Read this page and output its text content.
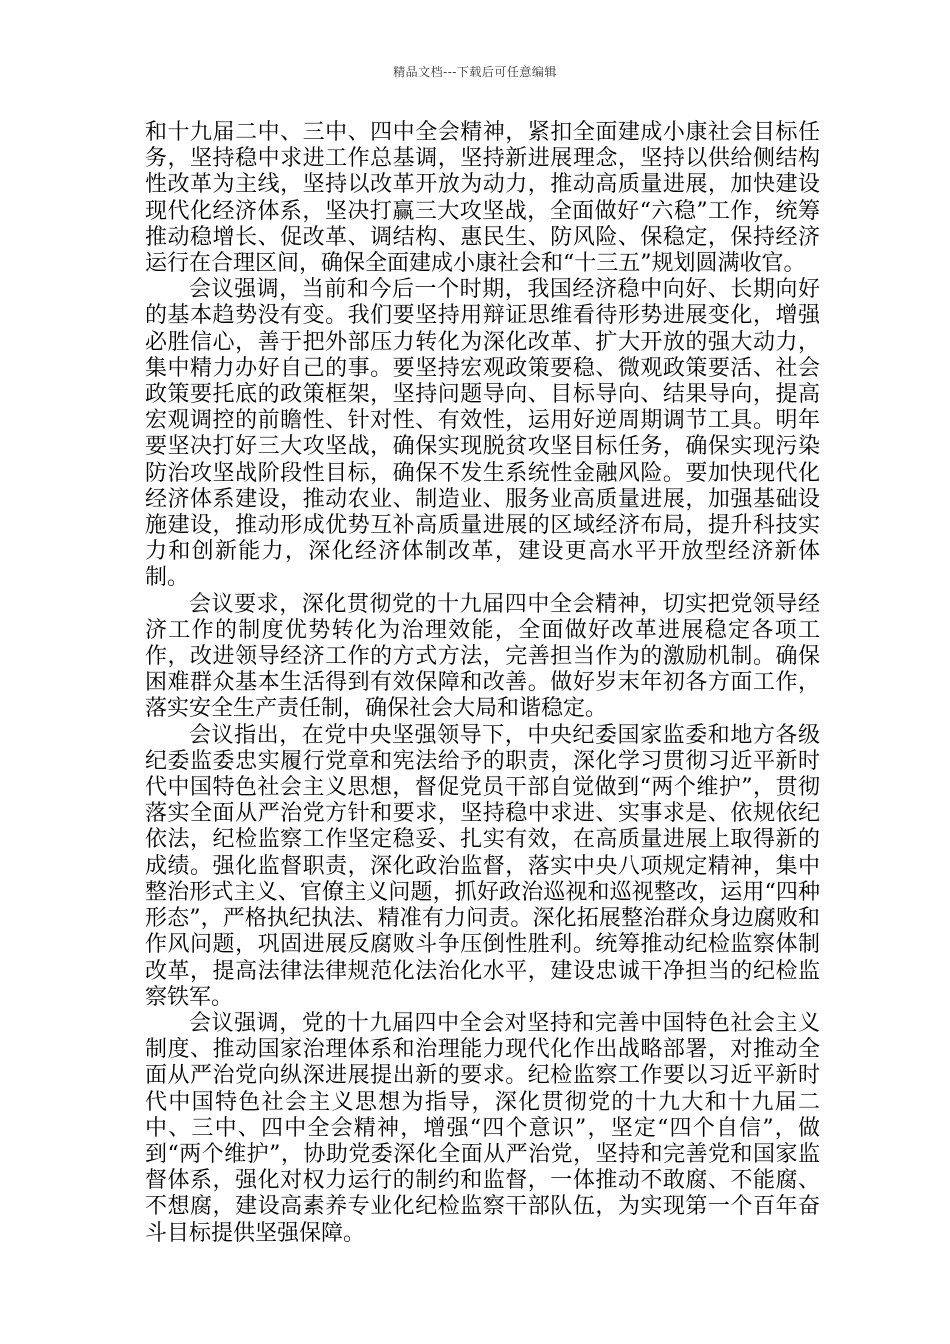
精品文档---下载后可任意编辑

和十九届二中、三中、四中全会精神，紧扣全面建成小康社会目标任务，坚持稳中求进工作总基调，坚持新进展理念，坚持以供给侧结构性改革为主线，坚持以改革开放为动力，推动高质量进展，加快建设现代化经济体系，坚决打赢三大攻坚战，全面做好“六稳”工作，统筹推动稳增长、促改革、调结构、惠民生、防风险、保稳定，保持经济运行在合理区间，确保全面建成小康社会和“十三五”规划圆满收官。

会议强调，当前和今后一个时期，我国经济稳中向好、长期向好的基本趋势没有变。我们要坚持用辩证思维看待形势进展变化，增强必胜信心，善于把外部压力转化为深化改革、扩大开放的强大动力，集中精力办好自己的事。要坚持宏观政策要稳、微观政策要活、社会政策要托底的政策框架，坚持问题导向、目标导向、结果导向，提高宏观调控的前瞻性、针对性、有效性，运用好逆周期调节工具。明年要坚决打好三大攻坚战，确保实现脱贫攻坚目标任务，确保实现污染防治攻坚战阶段性目标，确保不发生系统性金融风险。要加快现代化经济体系建设，推动农业、制造业、服务业高质量进展，加强基础设施建设，推动形成优势互补高质量进展的区域经济布局，提升科技实力和创新能力，深化经济体制改革，建设更高水平开放型经济新体制。

会议要求，深化贯彻党的十九届四中全会精神，切实把党领导经济工作的制度优势转化为治理效能，全面做好改革进展稳定各项工作，改进领导经济工作的方式方法，完善担当作为的激励机制。确保困难群众基本生活得到有效保障和改善。做好岁末年初各方面工作，落实安全生产责任制，确保社会大局和谐稳定。

会议指出，在党中央坚强领导下，中央纪委国家监委和地方各级纪委监委忠实履行党章和宪法给予的职责，深化学习贯彻习近平新时代中国特色社会主义思想，督促党员干部自觉做到“两个维护”，贯彻落实全面从严治党方针和要求，坚持稳中求进、实事求是、依规依纪依法，纪检监察工作坚定稳妥、扎实有效，在高质量进展上取得新的成绩。强化监督职责，深化政治监督，落实中央八项规定精神，集中整治形式主义、官僚主义问题，抓好政治巡视和巡视整改，运用“四种形态”，严格执纪执法、精准有力问责。深化拓展整治群众身边腐败和作风问题，巩固进展反腐败斗争压倒性胜利。统筹推动纪检监察体制改革，提高法律法律规范化法治化水平，建设忠诚干净担当的纪检监察铁军。

会议强调，党的十九届四中全会对坚持和完善中国特色社会主义制度、推动国家治理体系和治理能力现代化作出战略部署，对推动全面从严治党向纵深进展提出新的要求。纪检监察工作要以习近平新时代中国特色社会主义思想为指导，深化贯彻党的十九大和十九届二中、三中、四中全会精神，增强“四个意识”，坚定“四个自信”，做到“两个维护”，协助党委深化全面从严治党，坚持和完善党和国家监督体系，强化对权力运行的制约和监督，一体推动不敢腐、不能腐、不想腐，建设高素养专业化纪检监察干部队伍，为实现第一个百年奋斗目标提供坚强保障。
